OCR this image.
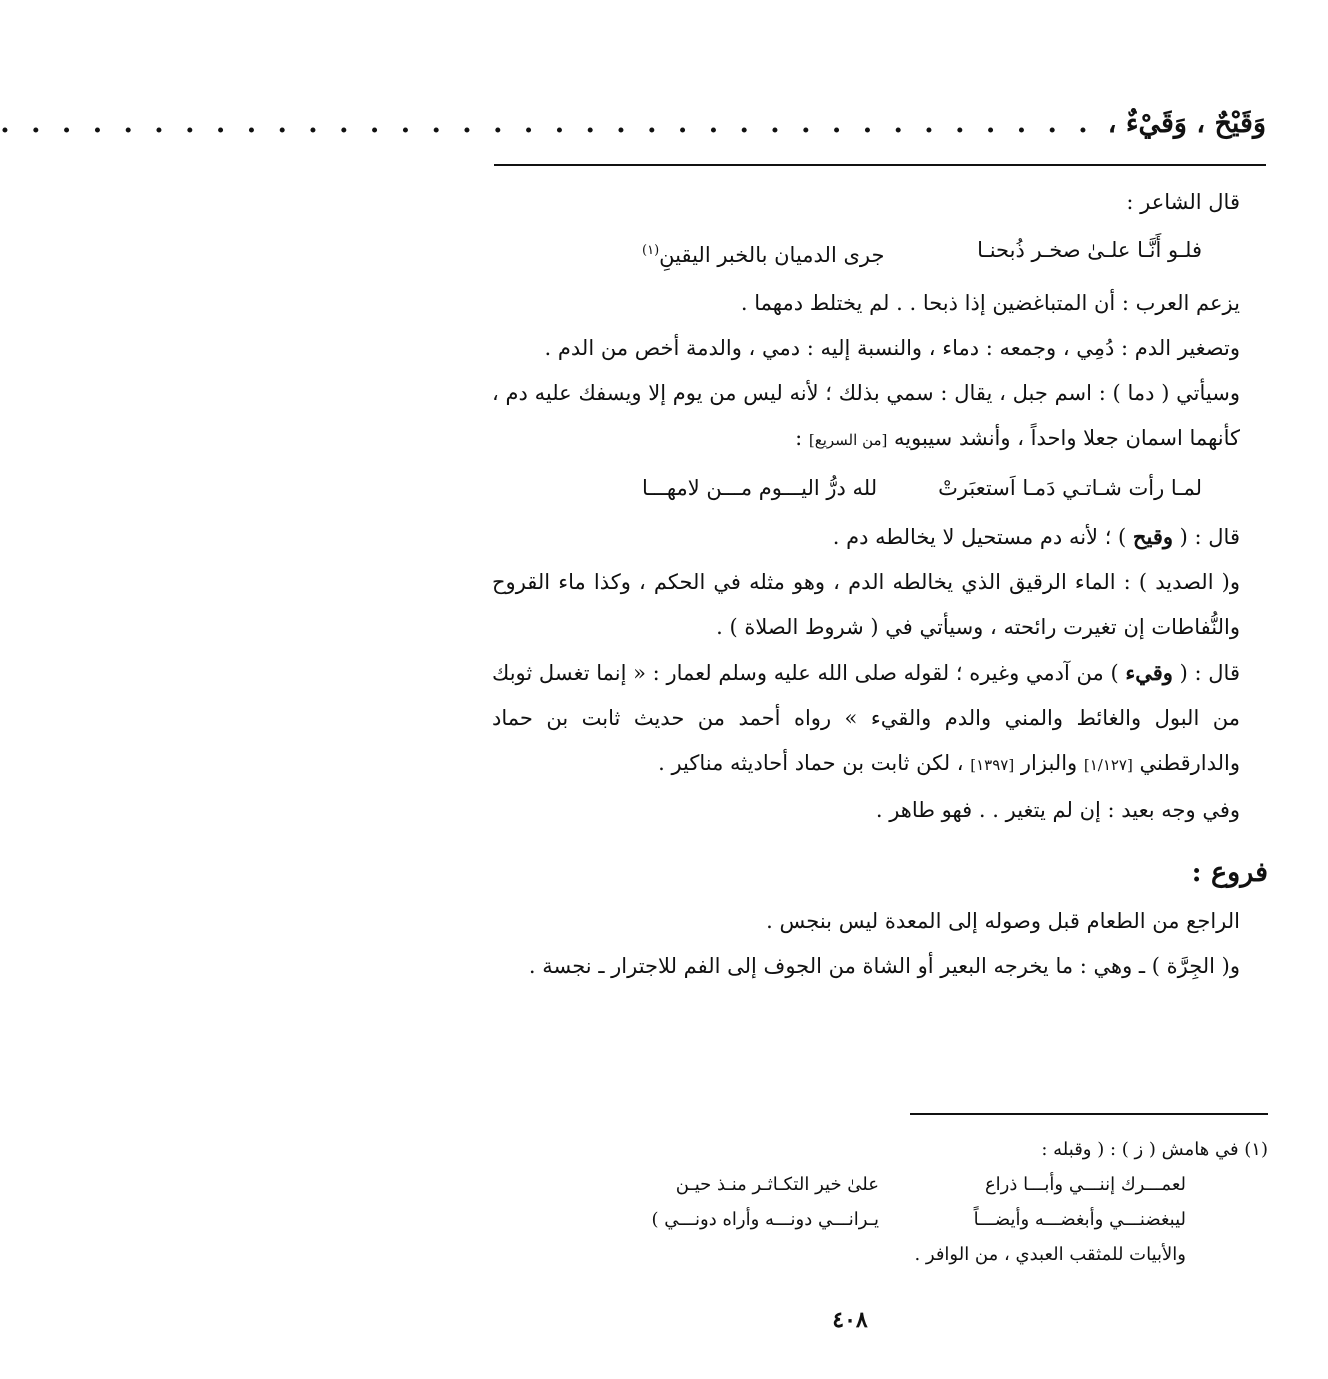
وَقَيْحٌ ، وَقَيْءٌ ،
. . . . . . . . . . . . . . . . . . . . . . . . . . . . . . . . . . . .

قال الشاعر :

فلـو أَنَّـا علـىٰ صخـر ذُبحنـا
جرى الدميان بالخبر اليقينِ$^{(١)}$

يزعم العرب : أن المتباغضين إذا ذبحا . . لم يختلط دمهما .

وتصغير الدم : دُمِي ، وجمعه : دماء ، والنسبة إليه : دمي ، والدمة أخص من الدم .

وسيأتي ( دما ) : اسم جبل ، يقال : سمي بذلك ؛ لأنه ليس من يوم إلا ويسفك عليه دم ، كأنهما اسمان جعلا واحداً ، وأنشد سيبويه [من السريع] :

لمـا رأت شـاتـي دَمـا اَستعبَرتْ
لله درُّ اليـــوم مـــن لامهـــا

قال : ( وقيح ) ؛ لأنه دم مستحيل لا يخالطه دم .

و( الصديد ) : الماء الرقيق الذي يخالطه الدم ، وهو مثله في الحكم ، وكذا ماء القروح والنُّفاطات إن تغيرت رائحته ، وسيأتي في ( شروط الصلاة ) .

قال : ( وقيء ) من آدمي وغيره ؛ لقوله صلى الله عليه وسلم لعمار : « إنما تغسل ثوبك من البول والغائط والمني والدم والقيء » رواه أحمد من حديث ثابت بن حماد والدارقطني [١/١٢٧] والبزار [١٣٩٧] ، لكن ثابت بن حماد أحاديثه مناكير .

وفي وجه بعيد : إن لم يتغير . . فهو طاهر .

فروع :

الراجع من الطعام قبل وصوله إلى المعدة ليس بنجس .

و( الجِرَّة ) ـ وهي : ما يخرجه البعير أو الشاة من الجوف إلى الفم للاجترار ـ نجسة .

(١) في هامش ( ز ) : ( وقبله :
لعمـــرك إننـــي وأبـــا ذراع
علىٰ خير التكـاثـر منـذ حيـن
ليبغضنـــي وأبغضـــه وأيضـــاً
يـرانـــي دونـــه وأراه دونـــي )
والأبيات للمثقب العبدي ، من الوافر .
٤٠٨
